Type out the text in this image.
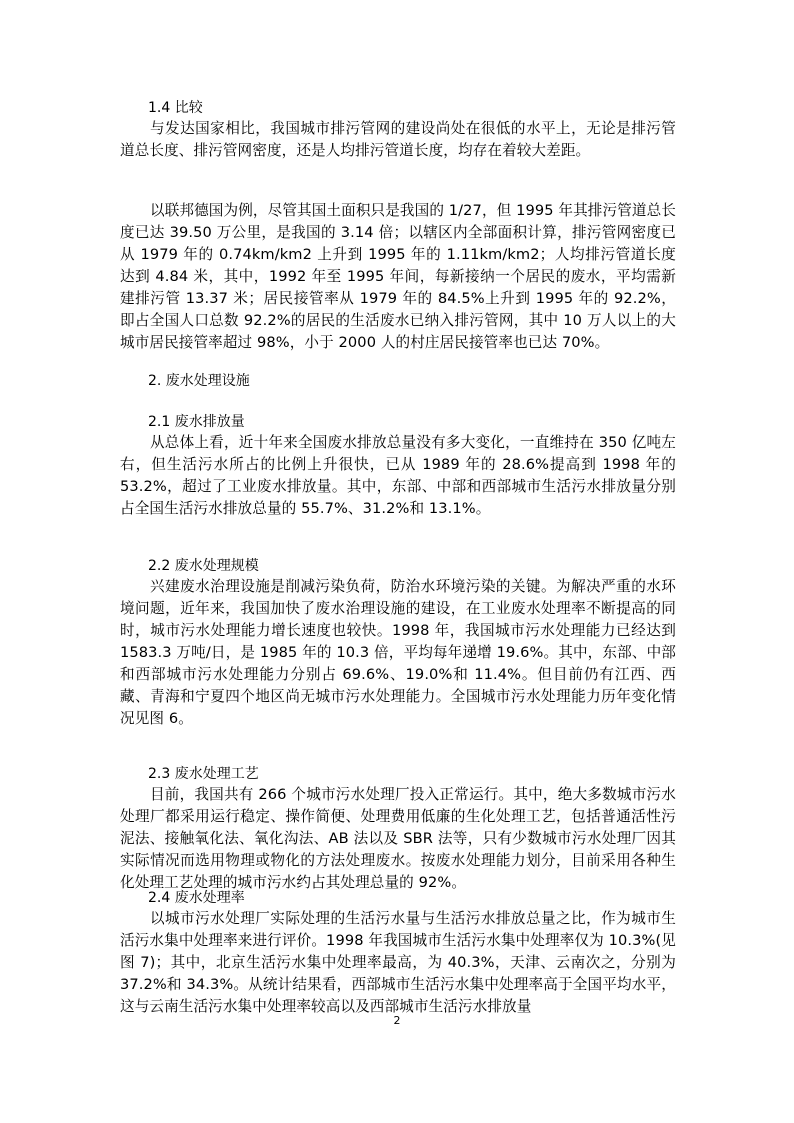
1.4 比较
与发达国家相比，我国城市排污管网的建设尚处在很低的水平上，无论是排污管道总长度、排污管网密度，还是人均排污管道长度，均存在着较大差距。
以联邦德国为例，尽管其国土面积只是我国的 1/27，但 1995 年其排污管道总长度已达 39.50 万公里，是我国的 3.14 倍；以辖区内全部面积计算，排污管网密度已从 1979 年的 0.74km/km2 上升到 1995 年的 1.11km/km2；人均排污管道长度达到 4.84 米，其中，1992 年至 1995 年间，每新接纳一个居民的废水，平均需新建排污管 13.37 米；居民接管率从 1979 年的 84.5%上升到 1995 年的 92.2%，即占全国人口总数 92.2%的居民的生活废水已纳入排污管网，其中 10 万人以上的大城市居民接管率超过 98%，小于 2000 人的村庄居民接管率也已达 70%。
2. 废水处理设施
2.1 废水排放量
从总体上看，近十年来全国废水排放总量没有多大变化，一直维持在 350 亿吨左右，但生活污水所占的比例上升很快，已从 1989 年的 28.6%提高到 1998 年的 53.2%，超过了工业废水排放量。其中，东部、中部和西部城市生活污水排放量分别占全国生活污水排放总量的 55.7%、31.2%和 13.1%。
2.2 废水处理规模
兴建废水治理设施是削减污染负荷，防治水环境污染的关键。为解决严重的水环境问题，近年来，我国加快了废水治理设施的建设，在工业废水处理率不断提高的同时，城市污水处理能力增长速度也较快。1998 年，我国城市污水处理能力已经达到 1583.3 万吨/日，是 1985 年的 10.3 倍，平均每年递增 19.6%。其中，东部、中部和西部城市污水处理能力分别占 69.6%、19.0%和 11.4%。但目前仍有江西、西藏、青海和宁夏四个地区尚无城市污水处理能力。全国城市污水处理能力历年变化情况见图 6。
2.3 废水处理工艺
目前，我国共有 266 个城市污水处理厂投入正常运行。其中，绝大多数城市污水处理厂都采用运行稳定、操作简便、处理费用低廉的生化处理工艺，包括普通活性污泥法、接触氧化法、氧化沟法、AB 法以及 SBR 法等，只有少数城市污水处理厂因其实际情况而选用物理或物化的方法处理废水。按废水处理能力划分，目前采用各种生化处理工艺处理的城市污水约占其处理总量的 92%。
2.4 废水处理率
以城市污水处理厂实际处理的生活污水量与生活污水排放总量之比，作为城市生活污水集中处理率来进行评价。1998 年我国城市生活污水集中处理率仅为 10.3%(见图 7)；其中，北京生活污水集中处理率最高，为 40.3%，天津、云南次之，分别为 37.2%和 34.3%。从统计结果看，西部城市生活污水集中处理率高于全国平均水平，这与云南生活污水集中处理率较高以及西部城市生活污水排放量
2
